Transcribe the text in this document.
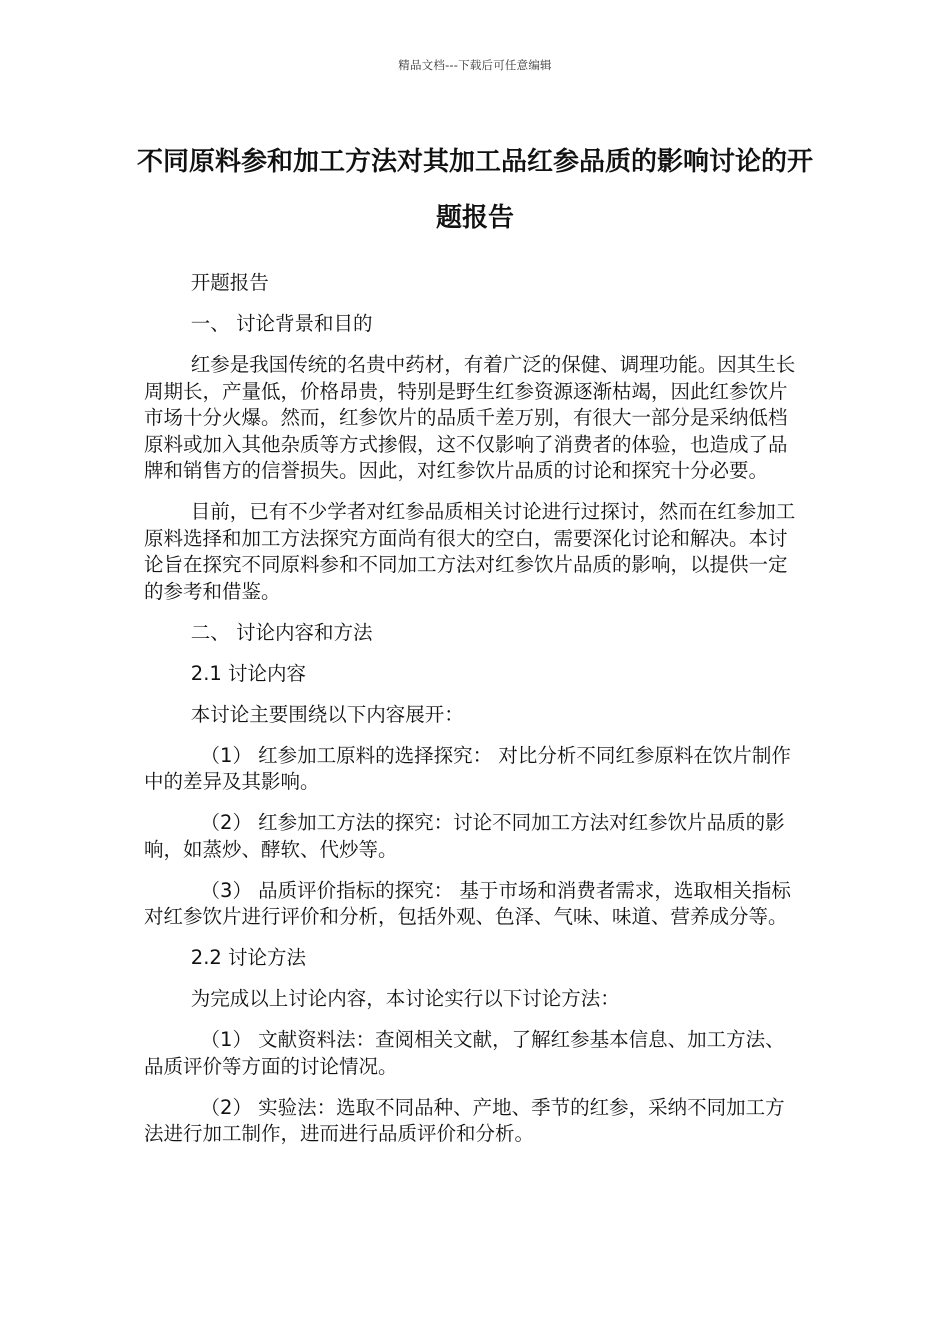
精品文档---下载后可任意编辑
不同原料参和加工方法对其加工品红参品质的影响讨论的开题报告

开题报告

一、 讨论背景和目的

红参是我国传统的名贵中药材，有着广泛的保健、调理功能。因其生长周期长，产量低，价格昂贵，特别是野生红参资源逐渐枯竭，因此红参饮片市场十分火爆。然而，红参饮片的品质千差万别，有很大一部分是采纳低档原料或加入其他杂质等方式掺假，这不仅影响了消费者的体验，也造成了品牌和销售方的信誉损失。因此，对红参饮片品质的讨论和探究十分必要。

目前，已有不少学者对红参品质相关讨论进行过探讨，然而在红参加工原料选择和加工方法探究方面尚有很大的空白，需要深化讨论和解决。本讨论旨在探究不同原料参和不同加工方法对红参饮片品质的影响，以提供一定的参考和借鉴。

二、 讨论内容和方法

2.1 讨论内容

本讨论主要围绕以下内容展开：

（1） 红参加工原料的选择探究： 对比分析不同红参原料在饮片制作中的差异及其影响。

（2） 红参加工方法的探究：讨论不同加工方法对红参饮片品质的影响，如蒸炒、酵软、代炒等。

（3） 品质评价指标的探究： 基于市场和消费者需求，选取相关指标对红参饮片进行评价和分析，包括外观、色泽、气味、味道、营养成分等。

2.2 讨论方法

为完成以上讨论内容，本讨论实行以下讨论方法：

（1） 文献资料法：查阅相关文献，了解红参基本信息、加工方法、品质评价等方面的讨论情况。

（2） 实验法：选取不同品种、产地、季节的红参，采纳不同加工方法进行加工制作，进而进行品质评价和分析。
